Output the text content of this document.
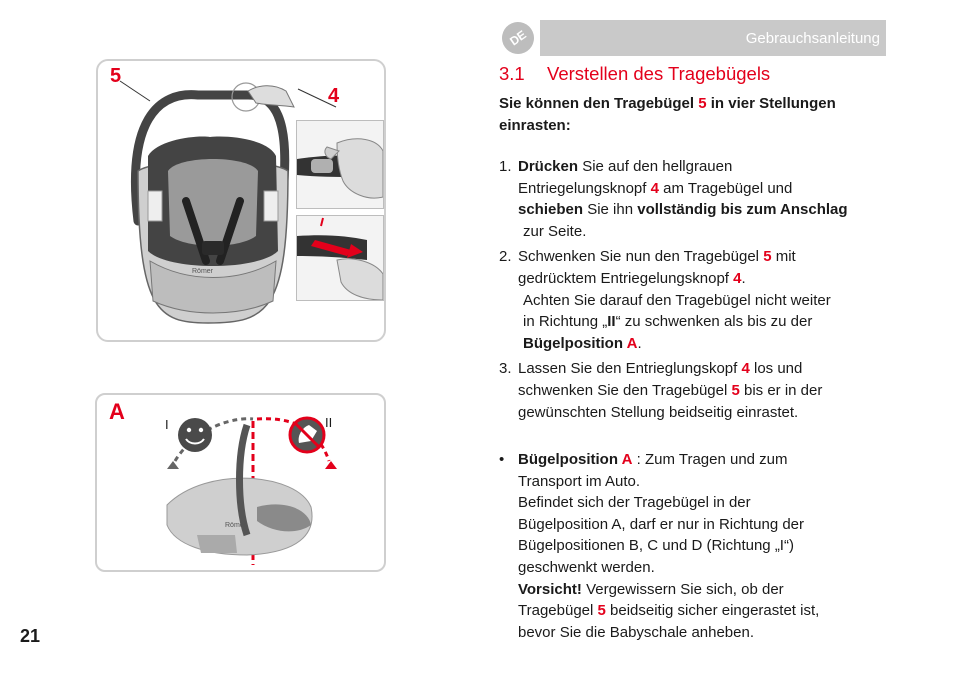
DE	Gebrauchsanleitung
3.1 Verstellen des Tragebügels
Sie können den Tragebügel 5 in vier Stellungen einrasten:
1. Drücken Sie auf den hellgrauen
Entriegelungsknopf 4 am Tragebügel und
schieben Sie ihn vollständig bis zum Anschlag
zur Seite.
2. Schwenken Sie nun den Tragebügel 5 mit
gedrücktem Entriegelungsknopf 4.
Achten Sie darauf den Tragebügel nicht weiter
in Richtung „II“ zu schwenken als bis zu der
Bügelposition A.
3. Lassen Sie den Entrieglungskopf 4 los und
schwenken Sie den Tragebügel 5 bis er in der
gewünschten Stellung beidseitig einrastet.
• Bügelposition A : Zum Tragen und zum
Transport im Auto.
Befindet sich der Tragebügel in der
Bügelposition A, darf er nur in Richtung der
Bügelpositionen B, C und D (Richtung „I“)
geschwenkt werden.
Vorsicht! Vergewissern Sie sich, ob der
Tragebügel 5 beidseitig sicher eingerastet ist,
bevor Sie die Babyschale anheben.
21
5
4
Römer
A
I	II
Römer
